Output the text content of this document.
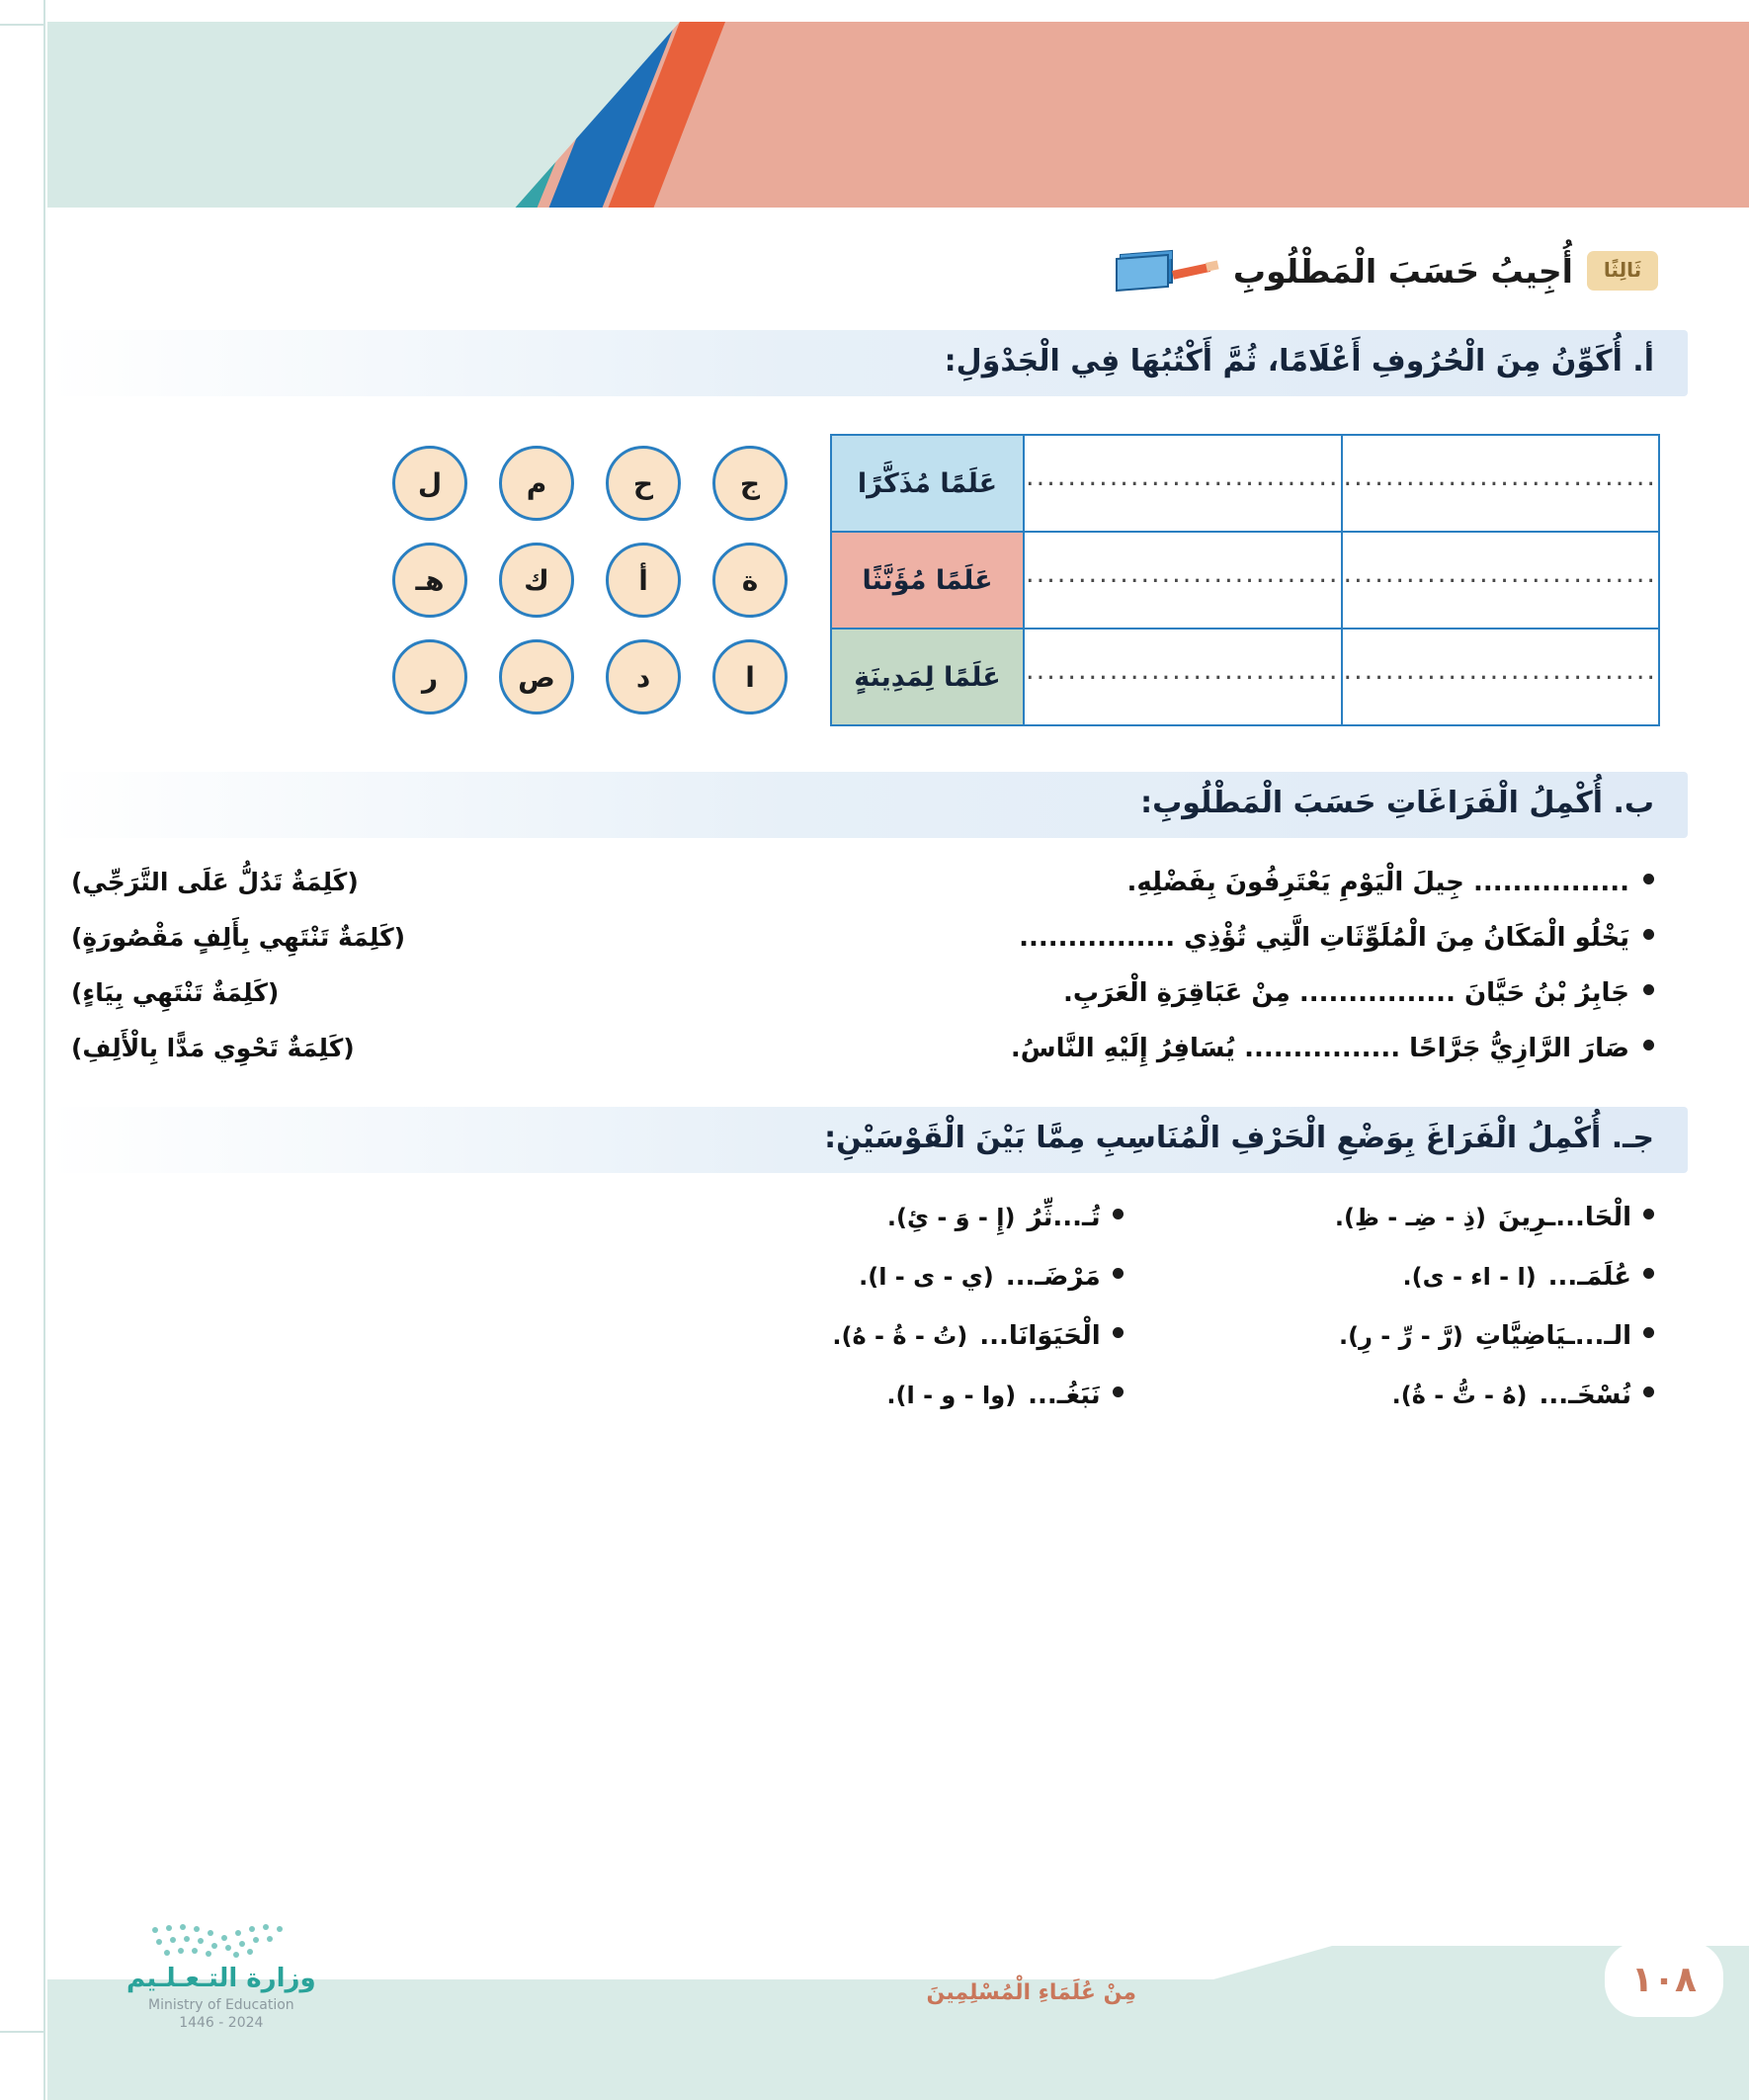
ثَالِثًا
أُجِيبُ حَسَبَ الْمَطْلُوبِ
أ. أُكَوِّنُ مِنَ الْحُرُوفِ أَعْلَامًا، ثُمَّ أَكْتُبُهَا فِي الْجَدْوَلِ:
..............................	..............................	عَلَمًا مُذَكَّرًا
..............................	..............................	عَلَمًا مُؤَنَّثًا
..............................	..............................	عَلَمًا لِمَدِينَةٍ
ج
ح
م
ل
ة
أ
ك
هـ
ا
د
ص
ر
ب. أُكْمِلُ الْفَرَاغَاتِ حَسَبَ الْمَطْلُوبِ:
................ جِيلَ الْيَوْمِ يَعْتَرِفُونَ بِفَضْلِهِ.
(كَلِمَةٌ تَدُلُّ عَلَى التَّرَجِّي)
يَخْلُو الْمَكَانُ مِنَ الْمُلَوِّثَاتِ الَّتِي تُؤْذِي ................
(كَلِمَةٌ تَنْتَهِي بِأَلِفٍ مَقْصُورَةٍ)
جَابِرُ بْنُ حَيَّانَ ................ مِنْ عَبَاقِرَةِ الْعَرَبِ.
(كَلِمَةٌ تَنْتَهِي بِيَاءٍ)
صَارَ الرَّازِيُّ جَرَّاحًا ................ يُسَافِرُ إِلَيْهِ النَّاسُ.
(كَلِمَةٌ تَحْوِي مَدًّا بِالْأَلِفِ)
جـ. أُكْمِلُ الْفَرَاغَ بِوَضْعِ الْحَرْفِ الْمُنَاسِبِ مِمَّا بَيْنَ الْقَوْسَيْنِ:
الْحَا...ـرِينَ
(ذِ - ضِـ - ظِ).
تُـ...ثِّرُ
(إِ - وَ - ئِ).
عُلَمَـ...
(ا - اء - ى).
مَرْضَـ...
(ي - ى - ا).
الـ...ـيَاضِيَّاتِ
(رَّ - رِّ - رِ).
الْحَيَوَانَا...
(تُ - ةُ - هُ).
نُسْخَـ...
(هُ - تُّ - ةُ).
نَبَغُـ...
(وا - و - ا).
١٠٨
مِنْ عُلَمَاءِ الْمُسْلِمِينَ
وزارة التـعـلـيم
Ministry of Education
2024 - 1446
